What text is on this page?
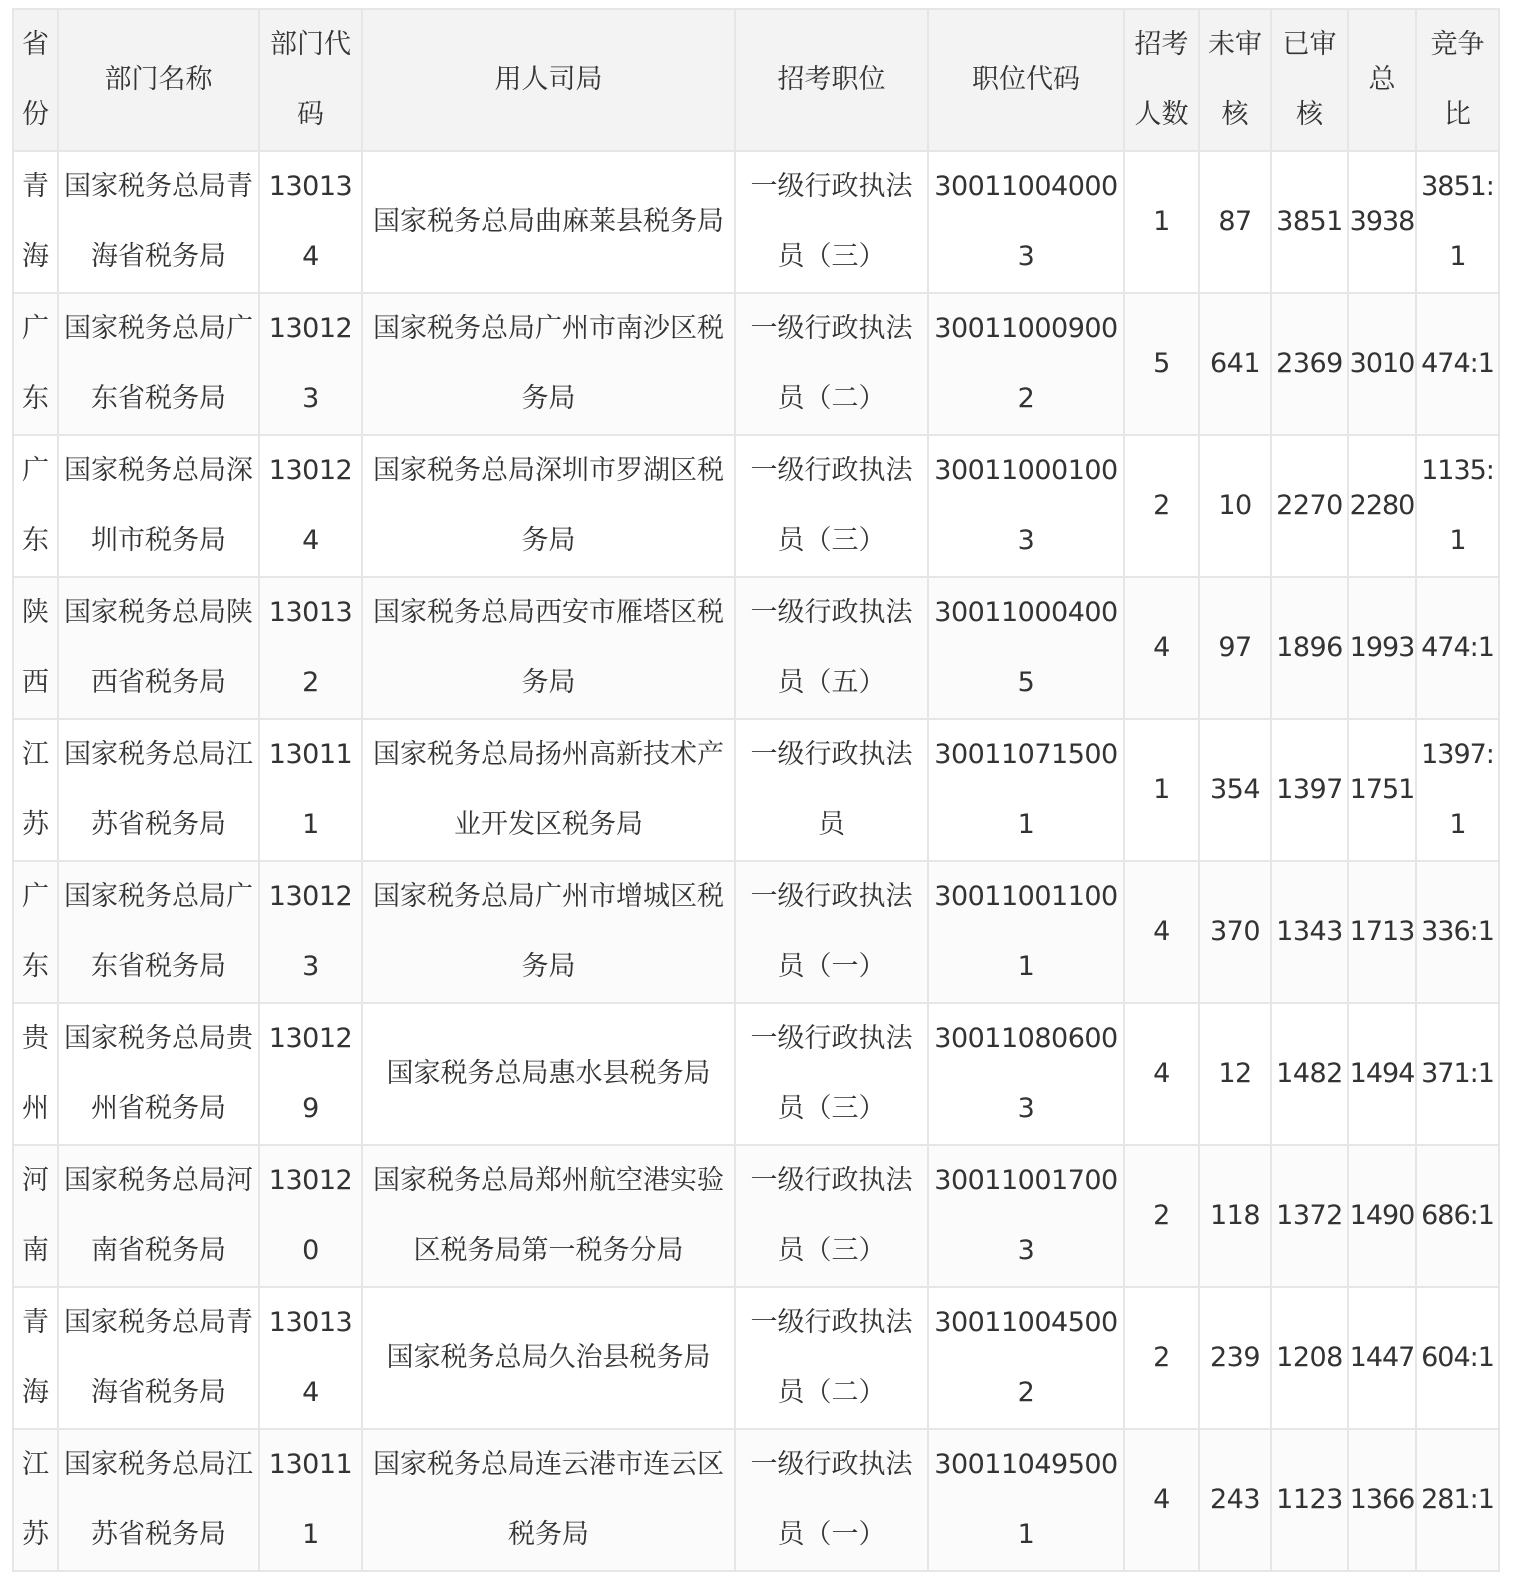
省份	部门名称	部门代码	用人司局	招考职位	职位代码	招考人数	未审核	已审核	总	竞争比
青海	国家税务总局青海省税务局	130134	国家税务总局曲麻莱县税务局	一级行政执法员（三）	300110040003	1	87	3851	3938	3851:1
广东	国家税务总局广东省税务局	130123	国家税务总局广州市南沙区税务局	一级行政执法员（二）	300110009002	5	641	2369	3010	474:1
广东	国家税务总局深圳市税务局	130124	国家税务总局深圳市罗湖区税务局	一级行政执法员（三）	300110001003	2	10	2270	2280	1135:1
陕西	国家税务总局陕西省税务局	130132	国家税务总局西安市雁塔区税务局	一级行政执法员（五）	300110004005	4	97	1896	1993	474:1
江苏	国家税务总局江苏省税务局	130111	国家税务总局扬州高新技术产业开发区税务局	一级行政执法员	300110715001	1	354	1397	1751	1397:1
广东	国家税务总局广东省税务局	130123	国家税务总局广州市增城区税务局	一级行政执法员（一）	300110011001	4	370	1343	1713	336:1
贵州	国家税务总局贵州省税务局	130129	国家税务总局惠水县税务局	一级行政执法员（三）	300110806003	4	12	1482	1494	371:1
河南	国家税务总局河南省税务局	130120	国家税务总局郑州航空港实验区税务局第一税务分局	一级行政执法员（三）	300110017003	2	118	1372	1490	686:1
青海	国家税务总局青海省税务局	130134	国家税务总局久治县税务局	一级行政执法员（二）	300110045002	2	239	1208	1447	604:1
江苏	国家税务总局江苏省税务局	130111	国家税务总局连云港市连云区税务局	一级行政执法员（一）	300110495001	4	243	1123	1366	281:1
